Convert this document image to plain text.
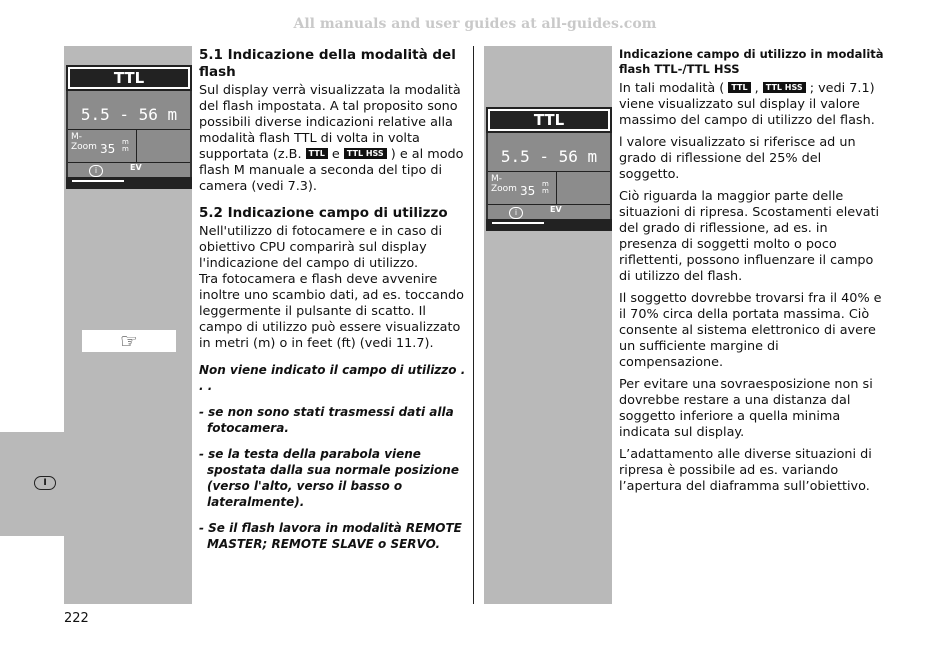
All manuals and user guides at all-guides.com
I
222
TTL
5.5 - 56 m
M-
Zoom 35 m
m
i	EV
TTL
5.5 - 56 m
M-
Zoom 35 m
m
i	EV
☞
5.1 Indicazione della modalità del flash

Sul display verrà visualizzata la modalità del flash impostata. A tal proposito sono possibili diverse indicazioni relative alla modalità flash TTL di volta in volta supportata (z.B. TTL e TTL HSS ) e al modo flash M manuale a seconda del tipo di camera (vedi 7.3).

5.2 Indicazione campo di utilizzo

Nell'utilizzo di fotocamere e in caso di obiettivo CPU comparirà sul display l'indicazione del campo di utilizzo.

Tra fotocamera e flash deve avvenire inoltre uno scambio dati, ad es. toccando leggermente il pulsante di scatto. Il campo di utilizzo può essere visualizzato in metri (m) o in feet (ft) (vedi 11.7).

Non viene indicato il campo di utilizzo . . .

- se non sono stati trasmessi dati alla fotocamera.

- se la testa della parabola viene spostata dalla sua normale posizione (verso l'alto, verso il basso o lateralmente).

- Se il flash lavora in modalità REMOTE MASTER; REMOTE SLAVE o SERVO.

Indicazione campo di utilizzo in modalità flash TTL-/TTL HSS

In tali modalità ( TTL , TTL HSS ; vedi 7.1) viene visualizzato sul display il valore massimo del campo di utilizzo del flash.

l valore visualizzato si riferisce ad un grado di riflessione del 25% del soggetto.

Ciò riguarda la maggior parte delle situazioni di ripresa. Scostamenti elevati del grado di riflessione, ad es. in presenza di soggetti molto o poco riflettenti, possono influenzare il campo di utilizzo del flash.

Il soggetto dovrebbe trovarsi fra il 40% e il 70% circa della portata massima. Ciò consente al sistema elettronico di avere un sufficiente margine di compensazione.

Per evitare una sovraesposizione non si dovrebbe restare a una distanza dal soggetto inferiore a quella minima indicata sul display.

L’adattamento alle diverse situazioni di ripresa è possibile ad es. variando l’apertura del diaframma sull’obiettivo.
